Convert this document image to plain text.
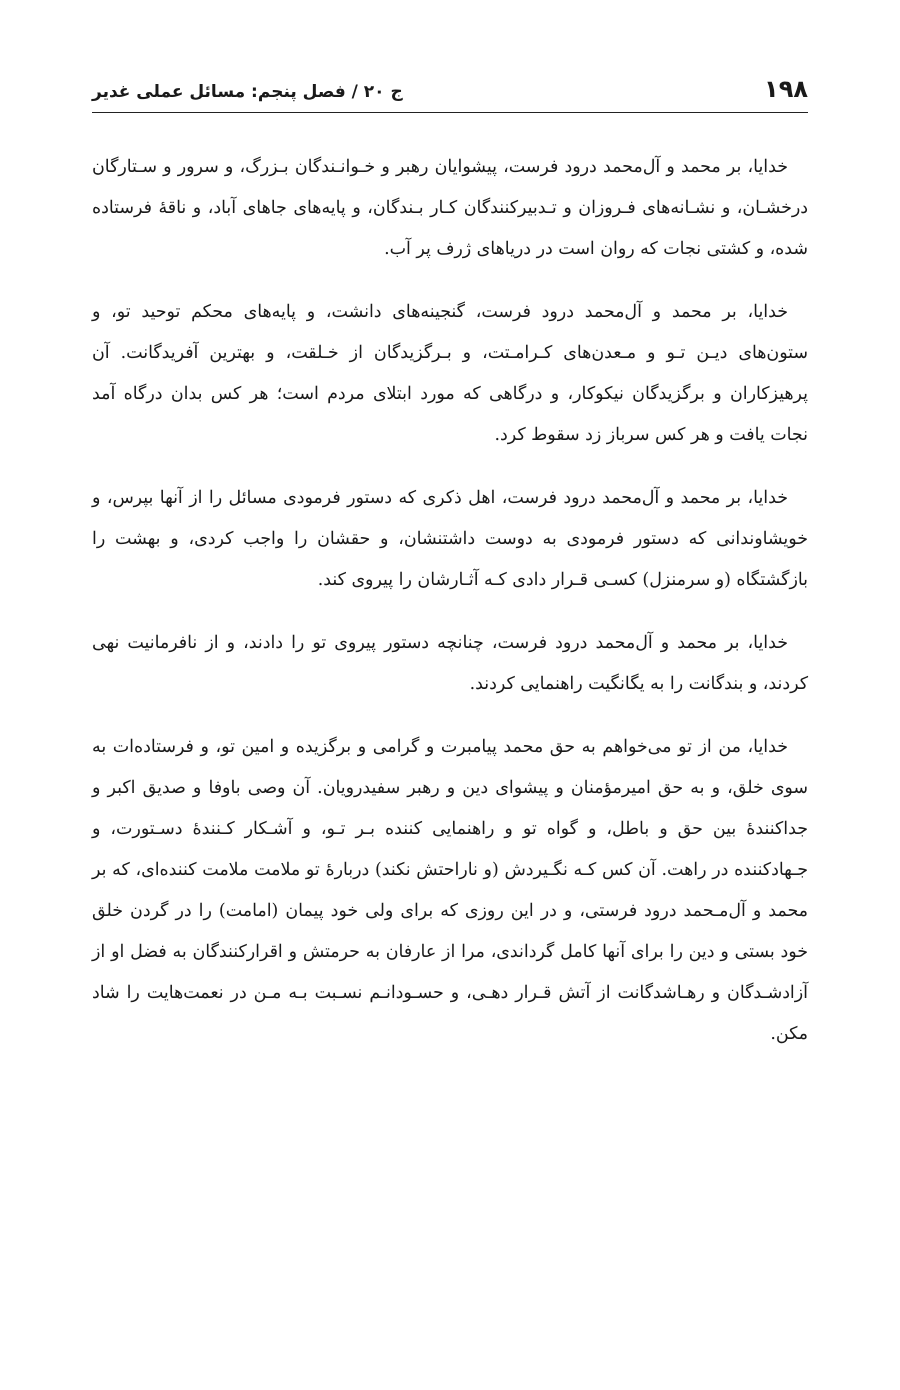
۱۹۸
ج ۲۰ / فصل پنجم: مسائل عملی غدیر

خدایا، بر محمد و آل‌محمد درود فرست، پیشوایان رهبر و خـوانـندگان بـزرگ، و سرور و سـتارگان درخشـان، و نشـانه‌های فـروزان و تـدبیرکنندگان کـار بـندگان، و پایه‌های جاهای آباد، و ناقهٔ فرستاده شده، و کشتی نجات که روان است در دریاهای ژرف پر آب.

خدایا، بر محمد و آل‌محمد درود فرست، گنجینه‌های دانشت، و پایه‌های محکم توحید تو، و ستون‌های دیـن تـو و مـعدن‌های کـرامـتت، و بـرگزیدگان از خـلقت، و بهترین آفریدگانت. آن پرهیزکاران و برگزیدگان نیکوکار، و درگاهی که مورد ابتلای مردم است؛ هر کس بدان درگاه آمد نجات یافت و هر کس سرباز زد سقوط کرد.

خدایا، بر محمد و آل‌محمد درود فرست، اهل ذکری که دستور فرمودی مسائل را از آنها بپرس، و خویشاوندانی که دستور فرمودی به دوست داشتنشان، و حقشان را واجب کردی، و بهشت را بازگشتگاه (و سرمنزل) کسـی قـرار دادی کـه آثـارشان را پیروی کند.

خدایا، بر محمد و آل‌محمد درود فرست، چنانچه دستور پیروی تو را دادند، و از نافرمانیت نهی کردند، و بندگانت را به یگانگیت راهنمایی کردند.

خدایا، من از تو می‌خواهم به حق محمد پیامبرت و گرامی و برگزیده و امین تو، و فرستاده‌ات به سوی خلق، و به حق امیرمؤمنان و پیشوای دین و رهبر سفیدرویان. آن وصی باوفا و صدیق اکبر و جداکنندهٔ بین حق و باطل، و گواه تو و راهنمایی کننده بـر تـو، و آشـکار کـنندهٔ دسـتورت، و جـهادکننده در راهت. آن کس کـه نگـیردش (و ناراحتش نکند) دربارهٔ تو ملامت ملامت کننده‌ای، که بر محمد و آل‌مـحمد درود فرستی، و در این روزی که برای ولی خود پیمان (امامت) را در گردن خلق خود بستی و دین را برای آنها کامل گرداندی، مرا از عارفان به حرمتش و اقرارکنندگان به فضل او از آزادشـدگان و رهـاشدگانت از آتش قـرار دهـی، و حسـودانـم نسـبت بـه مـن در نعمت‌هایت را شاد مکن.
